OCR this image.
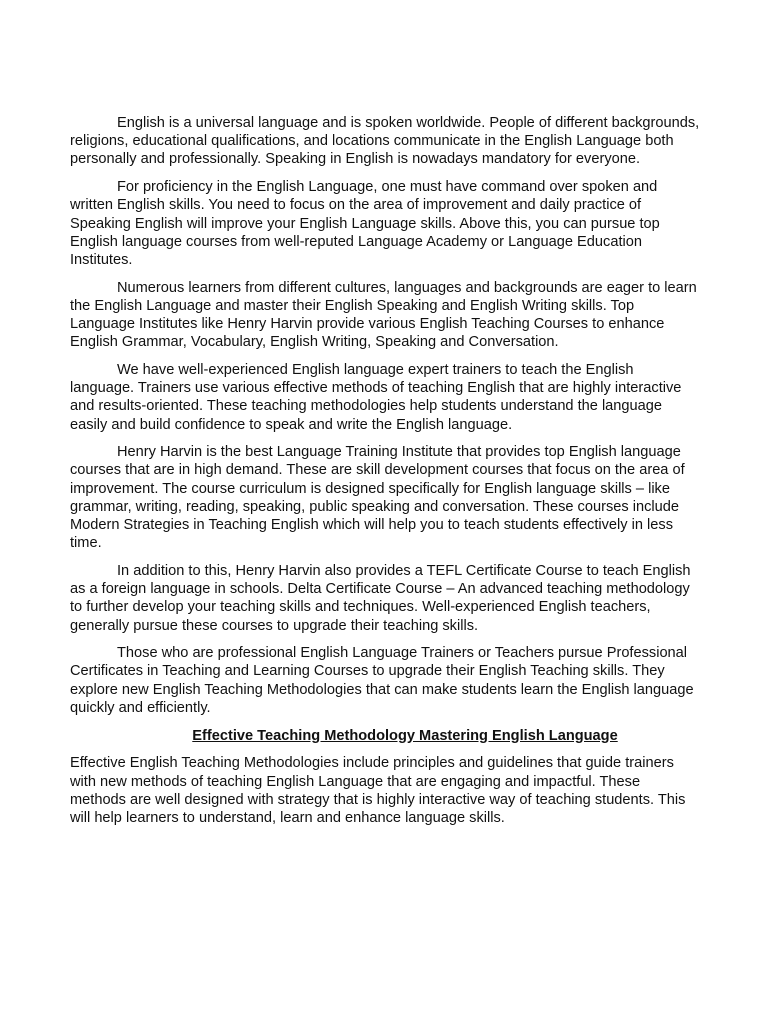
English is a universal language and is spoken worldwide. People of different backgrounds, religions, educational qualifications, and locations communicate in the English Language both personally and professionally. Speaking in English is nowadays mandatory for everyone.

For proficiency in the English Language, one must have command over spoken and written English skills. You need to focus on the area of improvement and daily practice of Speaking English will improve your English Language skills. Above this, you can pursue top English language courses from well-reputed Language Academy or Language Education Institutes.

Numerous learners from different cultures, languages and backgrounds are eager to learn the English Language and master their English Speaking and English Writing skills. Top Language Institutes like Henry Harvin provide various English Teaching Courses to enhance English Grammar, Vocabulary, English Writing, Speaking and Conversation.

We have well-experienced English language expert trainers to teach the English language. Trainers use various effective methods of teaching English that are highly interactive and results-oriented. These teaching methodologies help students understand the language easily and build confidence to speak and write the English language.

Henry Harvin is the best Language Training Institute that provides top English language courses that are in high demand. These are skill development courses that focus on the area of improvement. The course curriculum is designed specifically for English language skills – like grammar, writing, reading, speaking, public speaking and conversation. These courses include Modern Strategies in Teaching English which will help you to teach students effectively in less time.

In addition to this, Henry Harvin also provides a TEFL Certificate Course to teach English as a foreign language in schools. Delta Certificate Course – An advanced teaching methodology to further develop your teaching skills and techniques. Well-experienced English teachers, generally pursue these courses to upgrade their teaching skills.

Those who are professional English Language Trainers or Teachers pursue Professional Certificates in Teaching and Learning Courses to upgrade their English Teaching skills. They explore new English Teaching Methodologies that can make students learn the English language quickly and efficiently.

Effective Teaching Methodology Mastering English Language

Effective English Teaching Methodologies include principles and guidelines that guide trainers with new methods of teaching English Language that are engaging and impactful. These methods are well designed with strategy that is highly interactive way of teaching students. This will help learners to understand, learn and enhance language skills.
